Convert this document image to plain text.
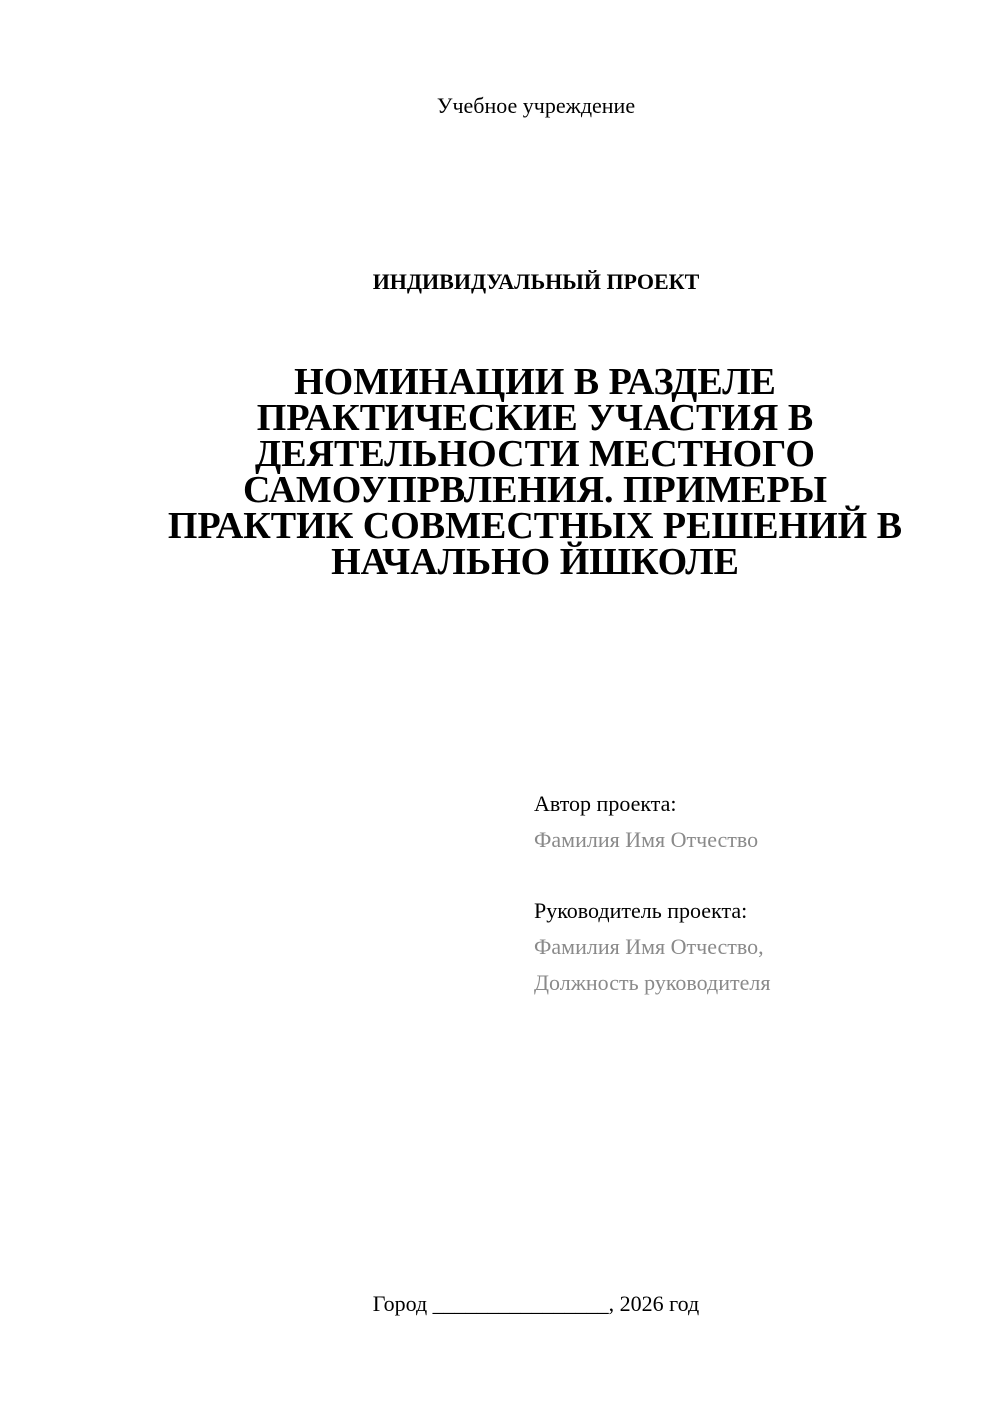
Учебное учреждение
ИНДИВИДУАЛЬНЫЙ ПРОЕКТ
НОМИНАЦИИ В РАЗДЕЛЕ
ПРАКТИЧЕСКИЕ УЧАСТИЯ В
ДЕЯТЕЛЬНОСТИ МЕСТНОГО
САМОУПРВЛЕНИЯ. ПРИМЕРЫ
ПРАКТИК СОВМЕСТНЫХ РЕШЕНИЙ В
НАЧАЛЬНО ЙШКОЛЕ
Автор проекта:
Фамилия Имя Отчество
Руководитель проекта:
Фамилия Имя Отчество,
Должность руководителя
Город ________________, 2026 год
